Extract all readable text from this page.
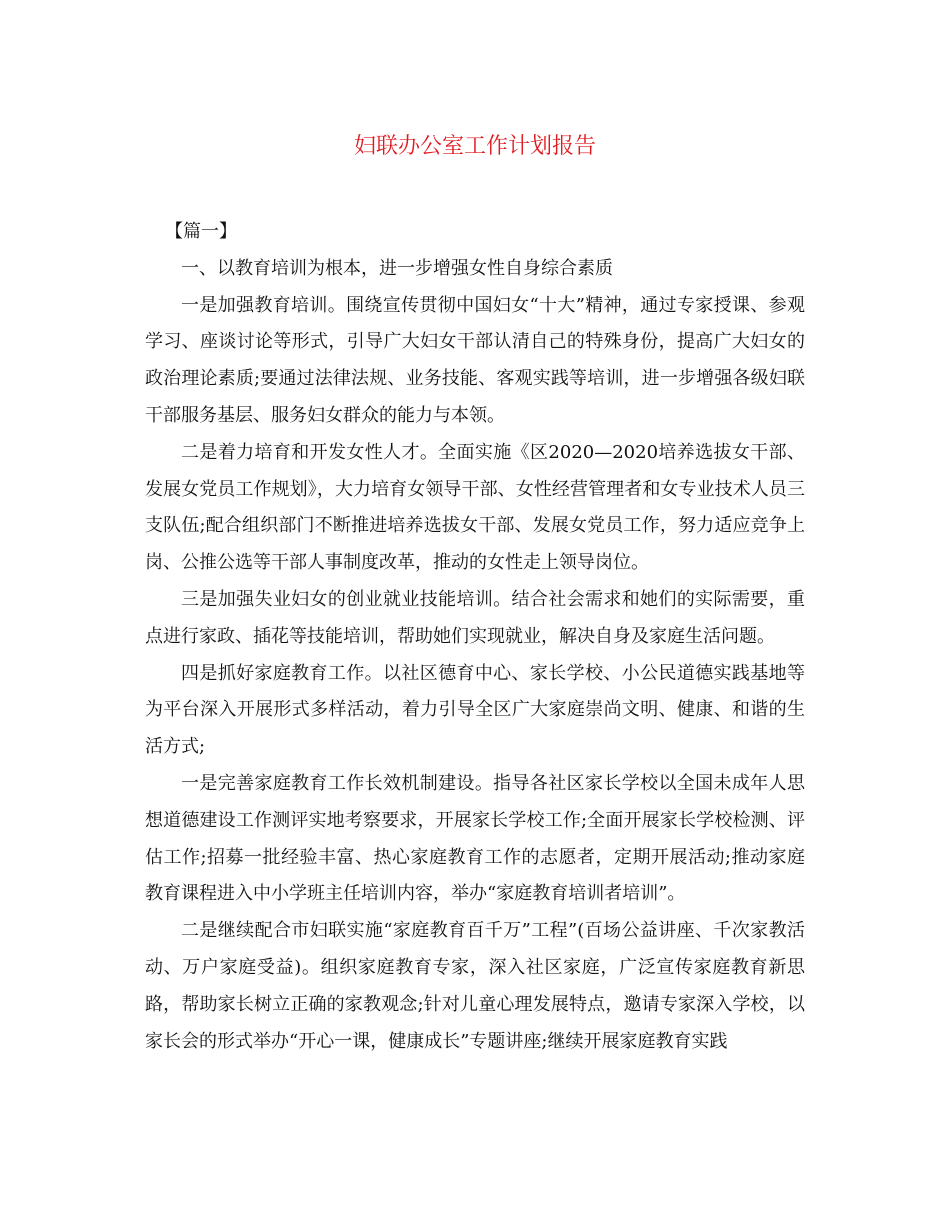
妇联办公室工作计划报告

【篇一】

一、以教育培训为根本，进一步增强女性自身综合素质

一是加强教育培训。围绕宣传贯彻中国妇女“十大”精神，通过专家授课、参观学习、座谈讨论等形式，引导广大妇女干部认清自己的特殊身份，提高广大妇女的政治理论素质;要通过法律法规、业务技能、客观实践等培训，进一步增强各级妇联干部服务基层、服务妇女群众的能力与本领。

二是着力培育和开发女性人才。全面实施《区2020—2020培养选拔女干部、发展女党员工作规划》，大力培育女领导干部、女性经营管理者和女专业技术人员三支队伍;配合组织部门不断推进培养选拔女干部、发展女党员工作，努力适应竞争上岗、公推公选等干部人事制度改革，推动的女性走上领导岗位。

三是加强失业妇女的创业就业技能培训。结合社会需求和她们的实际需要，重点进行家政、插花等技能培训，帮助她们实现就业，解决自身及家庭生活问题。

四是抓好家庭教育工作。以社区德育中心、家长学校、小公民道德实践基地等为平台深入开展形式多样活动，着力引导全区广大家庭崇尚文明、健康、和谐的生活方式;

一是完善家庭教育工作长效机制建设。指导各社区家长学校以全国未成年人思想道德建设工作测评实地考察要求，开展家长学校工作;全面开展家长学校检测、评估工作;招募一批经验丰富、热心家庭教育工作的志愿者，定期开展活动;推动家庭教育课程进入中小学班主任培训内容，举办“家庭教育培训者培训”。

二是继续配合市妇联实施“家庭教育百千万”工程”(百场公益讲座、千次家教活动、万户家庭受益)。组织家庭教育专家，深入社区家庭，广泛宣传家庭教育新思路，帮助家长树立正确的家教观念;针对儿童心理发展特点，邀请专家深入学校，以家长会的形式举办“开心一课，健康成长”专题讲座;继续开展家庭教育实践
